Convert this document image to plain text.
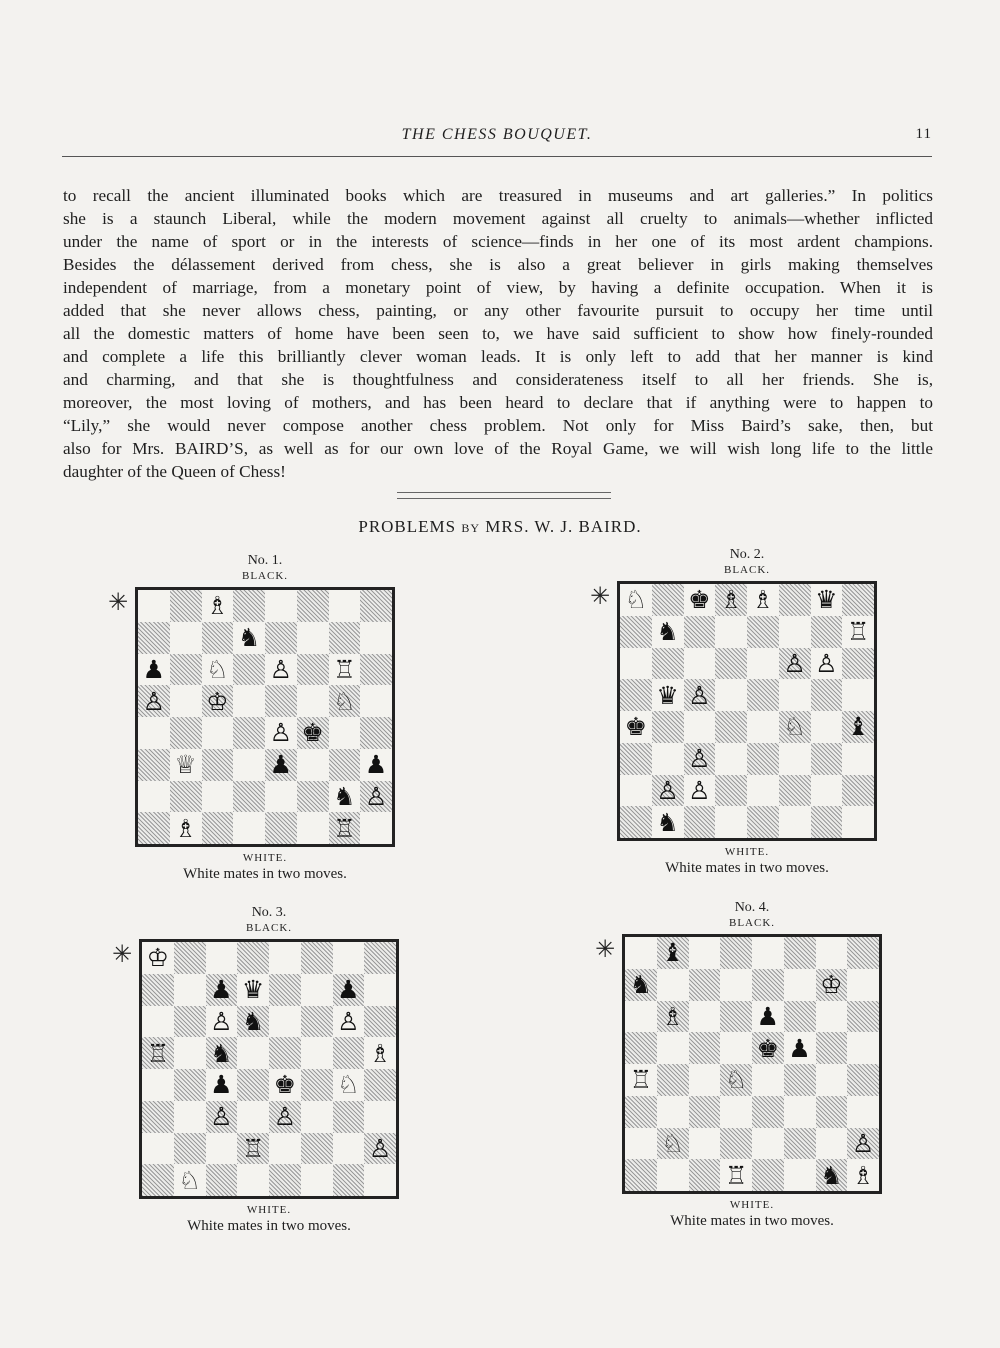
THE CHESS BOUQUET.	11
to recall the ancient illuminated books which are treasured in museums and art galleries.” In politics
she is a staunch Liberal, while the modern movement against all cruelty to animals—whether inflicted
under the name of sport or in the interests of science—finds in her one of its most ardent champions.
Besides the délassement derived from chess, she is also a great believer in girls making themselves
independent of marriage, from a monetary point of view, by having a definite occupation. When it is
added that she never allows chess, painting, or any other favourite pursuit to occupy her time until
all the domestic matters of home have been seen to, we have said sufficient to show how finely-rounded
and complete a life this brilliantly clever woman leads. It is only left to add that her manner is kind
and charming, and that she is thoughtfulness and considerateness itself to all her friends. She is,
moreover, the most loving of mothers, and has been heard to declare that if anything were to happen to
“Lily,” she would never compose another chess problem. Not only for Miss Baird’s sake, then, but
also for Mrs. BAIRD’S, as well as for our own love of the Royal Game, we will wish long life to the little
daughter of the Queen of Chess!
PROBLEMS BY MRS. W. J. BAIRD.
No. 1.
BLACK.
✳	♗
♞
♟ ♘ ♙ ♖
♙ ♔	♘
♙ ♚
♕	♟	♟
♞ ♙
♗	♖
WHITE.
White mates in two moves.
No. 2.
BLACK.
✳ ♘ ♚ ♗ ♗ ♛
♞	♖
♙ ♙
♛ ♙
♚	♘ ♝
♙
♙ ♙
♞
WHITE.
White mates in two moves.
No. 3.
BLACK.
✳ ♔
♟ ♛	♟
♙ ♞	♙
♖ ♞	♗
♟ ♚ ♘
♙ ♙
♖	♙
♘
WHITE.
White mates in two moves.
No. 4.
BLACK.
✳ ♝
♞	♔
♗	♟
♚ ♟
♖	♘
♘	♙
♖	♞ ♗
WHITE.
White mates in two moves.
